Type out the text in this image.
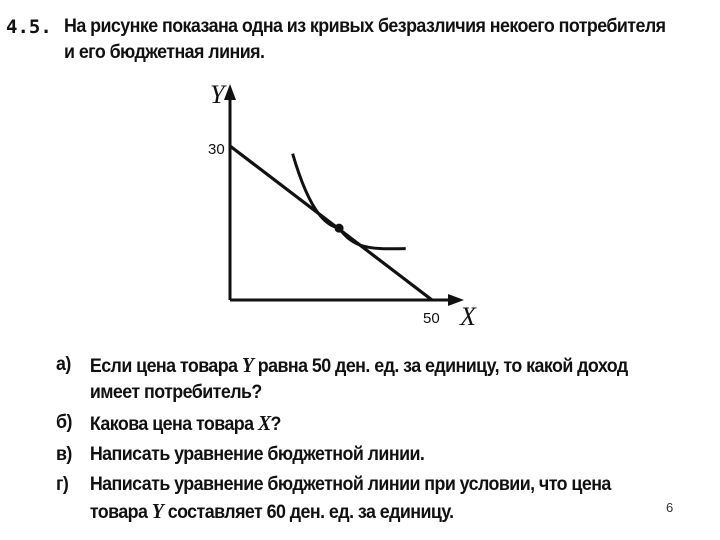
4.5. На рисунке показана одна из кривых безразличия некоего потребителя и его бюджетная линия.
Y
X
30
50
а) Если цена товара Y равна 50 ден. ед. за единицу, то какой доход имеет потребитель?
б) Какова цена товара X?
в) Написать уравнение бюджетной линии.
г) Написать уравнение бюджетной линии при условии, что цена товара Y составляет 60 ден. ед. за единицу.	6
